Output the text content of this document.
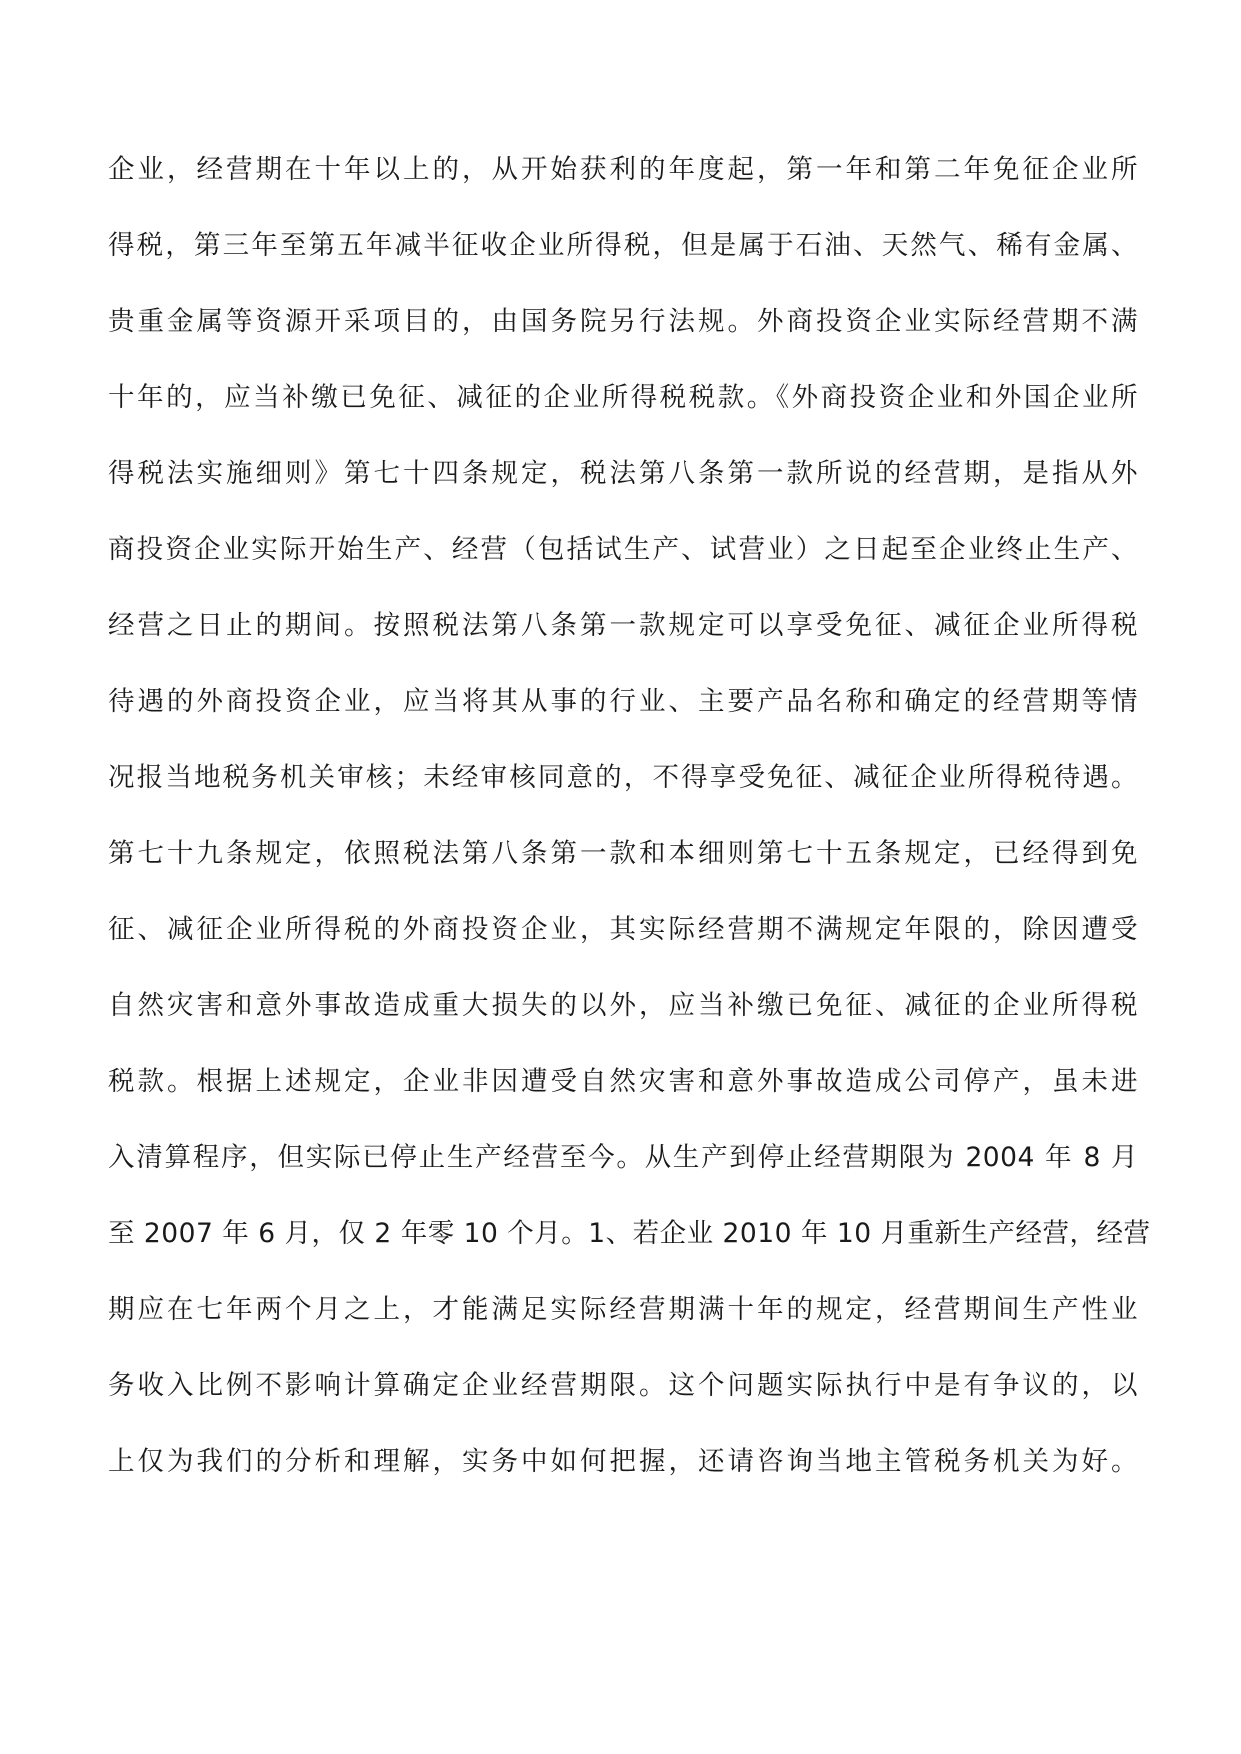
企业，经营期在十年以上的，从开始获利的年度起，第一年和第二年免征企业所
得税，第三年至第五年减半征收企业所得税，但是属于石油、天然气、稀有金属、
贵重金属等资源开采项目的，由国务院另行法规。外商投资企业实际经营期不满
十年的，应当补缴已免征、减征的企业所得税税款。《外商投资企业和外国企业所
得税法实施细则》第七十四条规定，税法第八条第一款所说的经营期，是指从外
商投资企业实际开始生产、经营（包括试生产、试营业）之日起至企业终止生产、
经营之日止的期间。按照税法第八条第一款规定可以享受免征、减征企业所得税
待遇的外商投资企业，应当将其从事的行业、主要产品名称和确定的经营期等情
况报当地税务机关审核；未经审核同意的，不得享受免征、减征企业所得税待遇。
第七十九条规定，依照税法第八条第一款和本细则第七十五条规定，已经得到免
征、减征企业所得税的外商投资企业，其实际经营期不满规定年限的，除因遭受
自然灾害和意外事故造成重大损失的以外，应当补缴已免征、减征的企业所得税
税款。根据上述规定，企业非因遭受自然灾害和意外事故造成公司停产，虽未进
入清算程序，但实际已停止生产经营至今。从生产到停止经营期限为 2004 年 8 月
至 2007 年 6 月，仅 2 年零 10 个月。1、若企业 2010 年 10 月重新生产经营，经营
期应在七年两个月之上，才能满足实际经营期满十年的规定，经营期间生产性业
务收入比例不影响计算确定企业经营期限。这个问题实际执行中是有争议的，以
上仅为我们的分析和理解，实务中如何把握，还请咨询当地主管税务机关为好。
